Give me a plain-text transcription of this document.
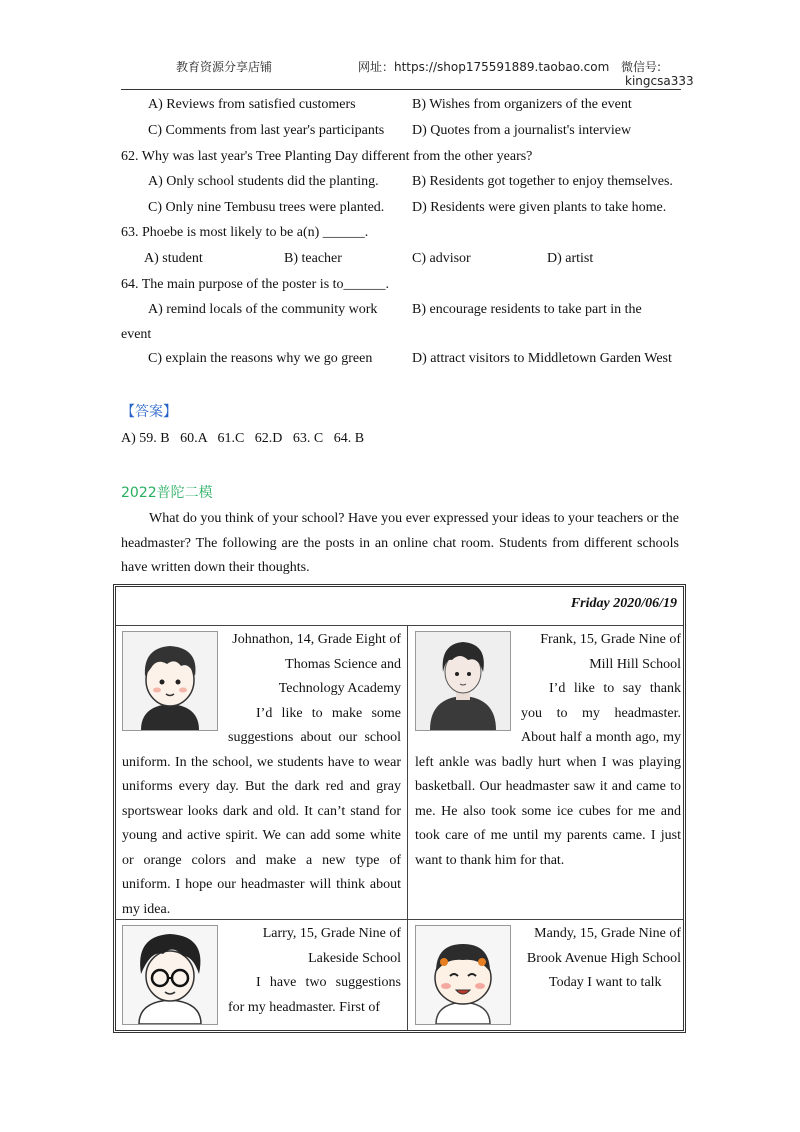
教育资源分享店铺	网址：https://shop175591889.taobao.com 微信号:
kingcsa333
A) Reviews from satisfied customers	B) Wishes from organizers of the event
C) Comments from last year's participants D) Quotes from a journalist's interview
62. Why was last year's Tree Planting Day different from the other years?
A) Only school students did the planting. B) Residents got together to enjoy themselves.
C) Only nine Tembusu trees were planted. D) Residents were given plants to take home.
63. Phoebe is most likely to be a(n) ______.
A) student	B) teacher	C) advisor	D) artist
64. The main purpose of the poster is to______.
A) remind locals of the community work B) encourage residents to take part in the
event
C) explain the reasons why we go green	D) attract visitors to Middletown Garden West
【答案】
A) 59. B   60.A   61.C   62.D   63. C   64. B
2022普陀二模
What do you think of your school? Have you ever expressed your ideas to your teachers or the headmaster? The following are the posts in an online chat room. Students from different schools have written down their thoughts.
Friday 2020/06/19
Johnathon, 14, Grade Eight of Thomas Science and Technology Academy
I’d like to make some suggestions about our school uniform. In the school, we students have to wear uniforms every day. But the dark red and gray sportswear looks dark and old. It can’t stand for young and active spirit. We can add some white or orange colors and make a new type of uniform. I hope our headmaster will think about my idea.
Frank, 15, Grade Nine of Mill Hill School
I’d like to say thank you to my headmaster. About half a month ago, my left ankle was badly hurt when I was playing basketball. Our headmaster saw it and came to me. He also took some ice cubes for me and took care of me until my parents came. I just want to thank him for that.
Larry, 15, Grade Nine of Lakeside School
I have two suggestions for my headmaster. First of
Mandy, 15, Grade Nine of Brook Avenue High School
Today I want to talk
